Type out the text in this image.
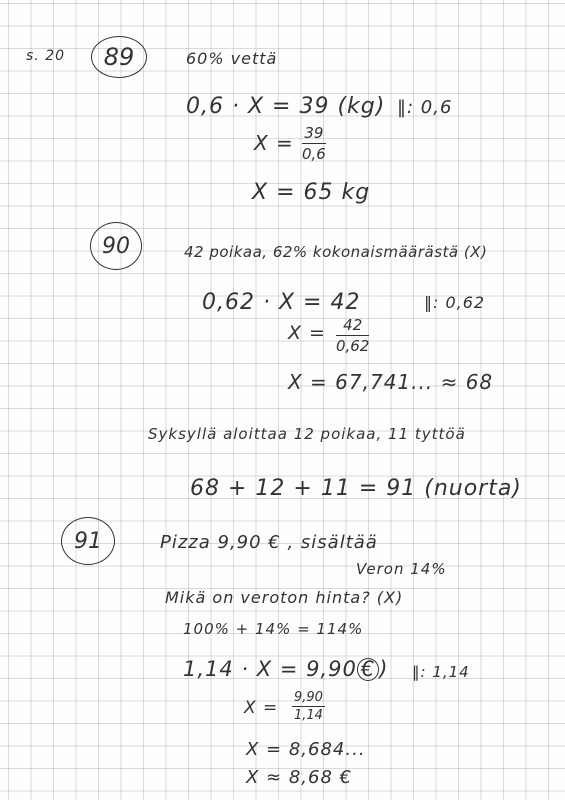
s. 20 89	60% vettä
0,6 · X = 39 (kg) ‖: 0,6
$X = \frac{39}{0,6}$
X = 65 kg
90	42 poikaa, 62% kokonaismäärästä (X)
0,62 · X = 42	‖: 0,62
$X = \frac{42}{0,62}$
X = 67,741... ≈ 68
Syksyllä aloittaa 12 poikaa, 11 tyttöä
68 + 12 + 11 = 91 (nuorta)
91	Pizza 9,90 € , sisältää
Veron 14%
Mikä on veroton hinta? (X)
100% + 14% = 114%
1,14 · X = 9,90 € ) ‖: 1,14
$X = \frac{9,90}{1,14}$
X = 8,684...
X ≈ 8,68 €
